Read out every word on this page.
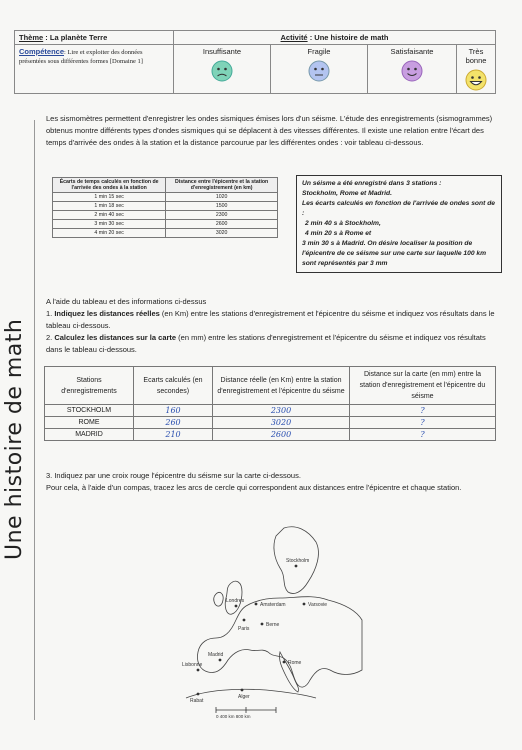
Thème : La planète Terre	Activité : Une histoire de math			
Compétence: Lire et exploiter des données présentées sous différentes formes [Domaine 1]	Insuffisante	Fragile	Satisfaisante	Très bonne
Une histoire de math
Les sismomètres permettent d'enregistrer les ondes sismiques émises lors d'un séisme. L'étude des enregistrements (sismogrammes) obtenus montre différents types d'ondes sismiques qui se déplacent à des vitesses différentes. Il existe une relation entre l'écart des temps d'arrivée des ondes à la station et la distance parcourue par les différentes ondes : voir tableau ci-dessous.
Écarts de temps calculés en fonction de l'arrivée des ondes à la station	Distance entre l'épicentre et la station d'enregistrement (en km)
1 min 15 sec	1020
1 min 18 sec	1500
2 min 40 sec	2300
3 min 30 sec	2600
4 min 20 sec	3020
Un séisme a été enregistré dans 3 stations :
Stockholm, Rome et Madrid.
Les écarts calculés en fonction de l'arrivée de ondes sont de :
2 min 40 s à Stockholm,
4 min 20 s à Rome et
3 min 30 s à Madrid. On désire localiser la position de l'épicentre de ce séisme sur une carte sur laquelle 100 km sont représentés par 3 mm
A l'aide du tableau et des informations ci-dessus
1. Indiquez les distances réelles (en Km) entre les stations d'enregistrement et l'épicentre du séisme et indiquez vos résultats dans le tableau ci-dessous.
2. Calculez les distances sur la carte (en mm) entre les stations d'enregistrement et l'épicentre du séisme et indiquez vos résultats dans le tableau ci-dessous.
Stations d'enregistrements	Ecarts calculés (en secondes)	Distance réelle (en Km) entre la station d'enregistrement et l'épicentre du séisme	Distance sur la carte (en mm) entre la station d'enregistrement et l'épicentre du séisme
STOCKHOLM	160	2300	?
ROME	260	3020	?
MADRID	210	2600	?
3. Indiquez par une croix rouge l'épicentre du séisme sur la carte ci-dessous.
Pour cela, à l'aide d'un compas, tracez les arcs de cercle qui correspondent aux distances entre l'épicentre et chaque station.
Stockholm
Londres
Amsterdam	Varsovie
Berne
Paris
Madrid
Rome
Lisbonne
Rabat
Alger
0 400 km 800 km
